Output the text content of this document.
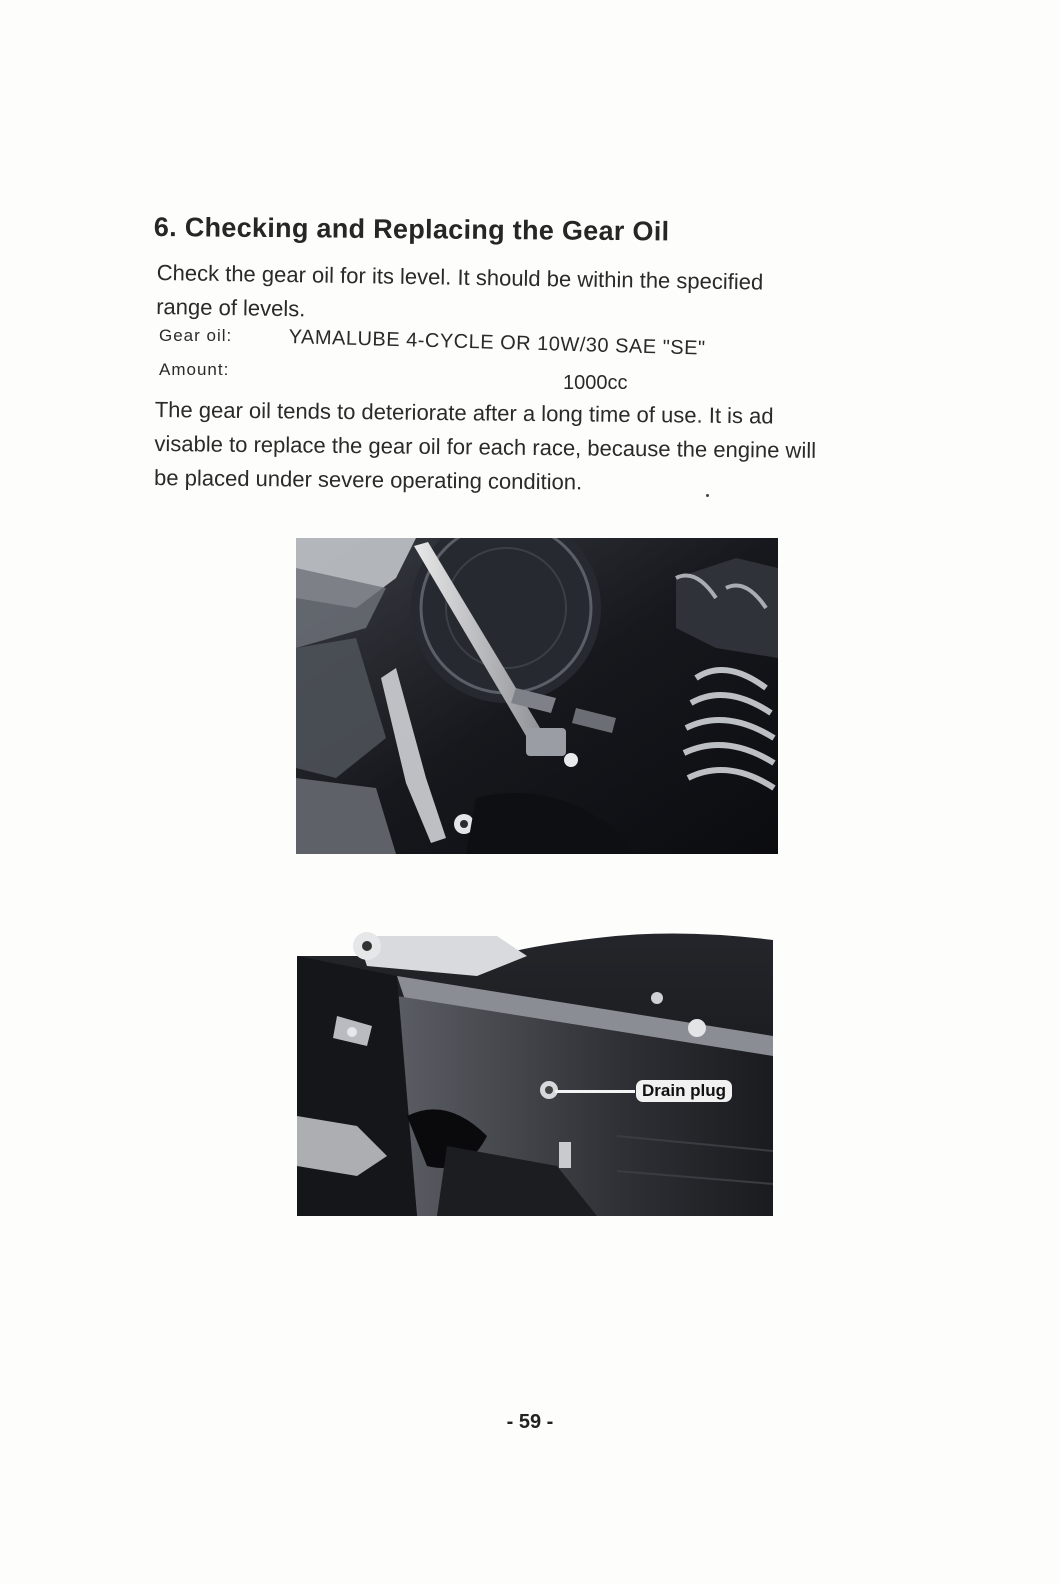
6. Checking and Replacing the Gear Oil
Check the gear oil for its level. It should be within the specified
range of levels.
Gear oil:	YAMALUBE 4-CYCLE OR 10W/30 SAE "SE"
Amount:
1000cc
The gear oil tends to deteriorate after a long time of use. It is ad
visable to replace the gear oil for each race, because the engine will
be placed under severe operating condition.
Drain plug
- 59 -
